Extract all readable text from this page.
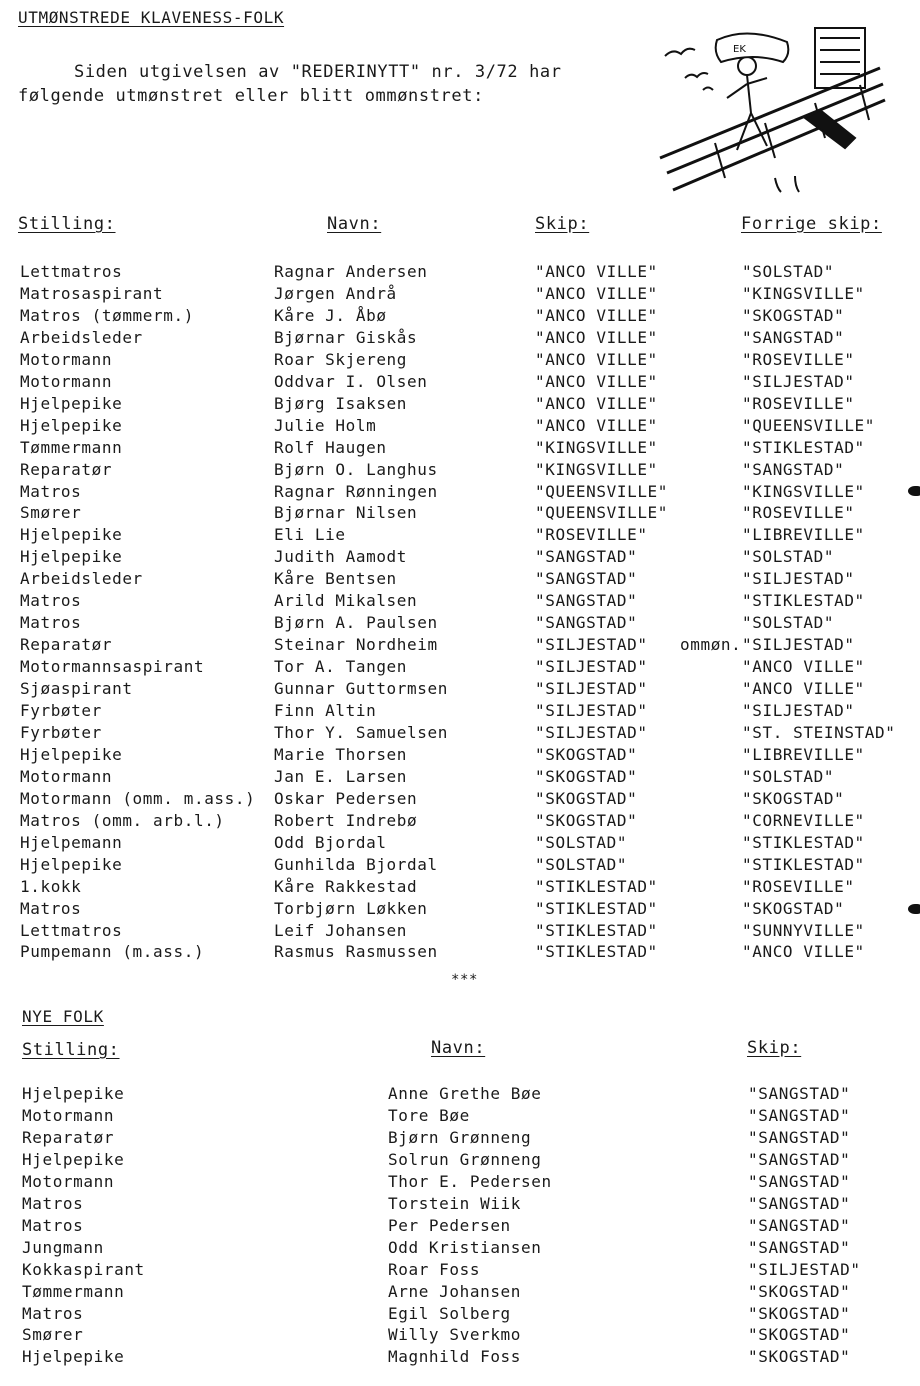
UTMØNSTREDE KLAVENESS-FOLK
Siden utgivelsen av "REDERINYTT" nr. 3/72 har
følgende utmønstret eller blitt ommønstret:
EK
Stilling:	Navn:	Skip:	Forrige skip:
Lettmatros	Ragnar Andersen	"ANCO VILLE"	"SOLSTAD"
Matrosaspirant	Jørgen Andrå	"ANCO VILLE"	"KINGSVILLE"
Matros (tømmerm.)	Kåre J. Åbø	"ANCO VILLE"	"SKOGSTAD"
Arbeidsleder	Bjørnar Giskås	"ANCO VILLE"	"SANGSTAD"
Motormann	Roar Skjereng	"ANCO VILLE"	"ROSEVILLE"
Motormann	Oddvar I. Olsen	"ANCO VILLE"	"SILJESTAD"
Hjelpepike	Bjørg Isaksen	"ANCO VILLE"	"ROSEVILLE"
Hjelpepike	Julie Holm	"ANCO VILLE"	"QUEENSVILLE"
Tømmermann	Rolf Haugen	"KINGSVILLE"	"STIKLESTAD"
Reparatør	Bjørn O. Langhus	"KINGSVILLE"	"SANGSTAD"
Matros	Ragnar Rønningen	"QUEENSVILLE"	"KINGSVILLE"
Smører	Bjørnar Nilsen	"QUEENSVILLE"	"ROSEVILLE"
Hjelpepike	Eli Lie	"ROSEVILLE"	"LIBREVILLE"
Hjelpepike	Judith Aamodt	"SANGSTAD"	"SOLSTAD"
Arbeidsleder	Kåre Bentsen	"SANGSTAD"	"SILJESTAD"
Matros	Arild Mikalsen	"SANGSTAD"	"STIKLESTAD"
Matros	Bjørn A. Paulsen	"SANGSTAD"	"SOLSTAD"
Reparatør	Steinar Nordheim	"SILJESTAD" ommøn. "SILJESTAD"
Motormannsaspirant	Tor A. Tangen	"SILJESTAD"	"ANCO VILLE"
Sjøaspirant	Gunnar Guttormsen	"SILJESTAD"	"ANCO VILLE"
Fyrbøter	Finn Altin	"SILJESTAD"	"SILJESTAD"
Fyrbøter	Thor Y. Samuelsen	"SILJESTAD"	"ST. STEINSTAD"
Hjelpepike	Marie Thorsen	"SKOGSTAD"	"LIBREVILLE"
Motormann	Jan E. Larsen	"SKOGSTAD"	"SOLSTAD"
Motormann (omm. m.ass.) Oskar Pedersen	"SKOGSTAD"	"SKOGSTAD"
Matros (omm. arb.l.)	Robert Indrebø	"SKOGSTAD"	"CORNEVILLE"
Hjelpemann	Odd Bjordal	"SOLSTAD"	"STIKLESTAD"
Hjelpepike	Gunhilda Bjordal	"SOLSTAD"	"STIKLESTAD"
1.kokk	Kåre Rakkestad	"STIKLESTAD"	"ROSEVILLE"
Matros	Torbjørn Løkken	"STIKLESTAD"	"SKOGSTAD"
Lettmatros	Leif Johansen	"STIKLESTAD"	"SUNNYVILLE"
Pumpemann (m.ass.)	Rasmus Rasmussen	"STIKLESTAD"	"ANCO VILLE"
***
NYE FOLK
Stilling:	Navn:	Skip:
Hjelpepike	Anne Grethe Bøe	"SANGSTAD"
Motormann	Tore Bøe	"SANGSTAD"
Reparatør	Bjørn Grønneng	"SANGSTAD"
Hjelpepike	Solrun Grønneng	"SANGSTAD"
Motormann	Thor E. Pedersen	"SANGSTAD"
Matros	Torstein Wiik	"SANGSTAD"
Matros	Per Pedersen	"SANGSTAD"
Jungmann	Odd Kristiansen	"SANGSTAD"
Kokkaspirant	Roar Foss	"SILJESTAD"
Tømmermann	Arne Johansen	"SKOGSTAD"
Matros	Egil Solberg	"SKOGSTAD"
Smører	Willy Sverkmo	"SKOGSTAD"
Hjelpepike	Magnhild Foss	"SKOGSTAD"
